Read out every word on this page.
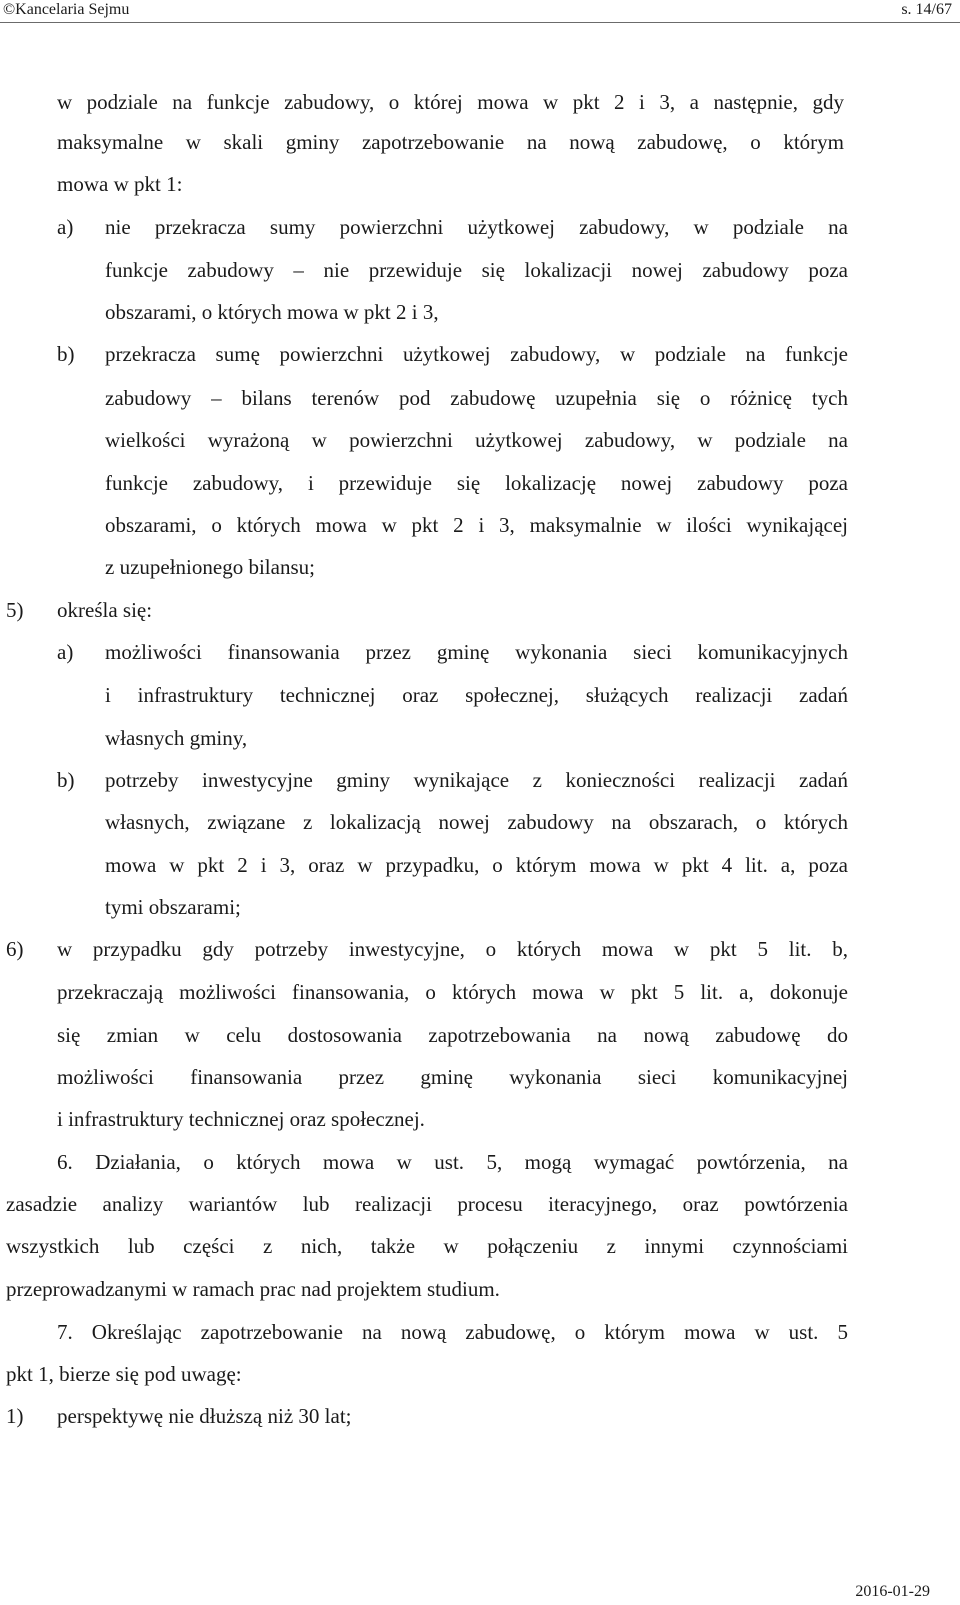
©Kancelaria Sejmu	s. 14/67
w podziale na funkcje zabudowy, o której mowa w pkt 2 i 3, a następnie, gdy
maksymalne w skali gminy zapotrzebowanie na nową zabudowę, o którym
mowa w pkt 1:
a) nie przekracza sumy powierzchni użytkowej zabudowy, w podziale na
funkcje zabudowy – nie przewiduje się lokalizacji nowej zabudowy poza
obszarami, o których mowa w pkt 2 i 3,
b) przekracza sumę powierzchni użytkowej zabudowy, w podziale na funkcje
zabudowy – bilans terenów pod zabudowę uzupełnia się o różnicę tych
wielkości wyrażoną w powierzchni użytkowej zabudowy, w podziale na
funkcje zabudowy, i przewiduje się lokalizację nowej zabudowy poza
obszarami, o których mowa w pkt 2 i 3, maksymalnie w ilości wynikającej
z uzupełnionego bilansu;
5) określa się:
a) możliwości finansowania przez gminę wykonania sieci komunikacyjnych
i infrastruktury technicznej oraz społecznej, służących realizacji zadań
własnych gminy,
b) potrzeby inwestycyjne gminy wynikające z konieczności realizacji zadań
własnych, związane z lokalizacją nowej zabudowy na obszarach, o których
mowa w pkt 2 i 3, oraz w przypadku, o którym mowa w pkt 4 lit. a, poza
tymi obszarami;
6) w przypadku gdy potrzeby inwestycyjne, o których mowa w pkt 5 lit. b,
przekraczają możliwości finansowania, o których mowa w pkt 5 lit. a, dokonuje
się zmian w celu dostosowania zapotrzebowania na nową zabudowę do
możliwości finansowania przez gminę wykonania sieci komunikacyjnej
i infrastruktury technicznej oraz społecznej.
6. Działania, o których mowa w ust. 5, mogą wymagać powtórzenia, na
zasadzie analizy wariantów lub realizacji procesu iteracyjnego, oraz powtórzenia
wszystkich lub części z nich, także w połączeniu z innymi czynnościami
przeprowadzanymi w ramach prac nad projektem studium.
7. Określając zapotrzebowanie na nową zabudowę, o którym mowa w ust. 5
pkt 1, bierze się pod uwagę:
1) perspektywę nie dłuższą niż 30 lat;
2016-01-29
